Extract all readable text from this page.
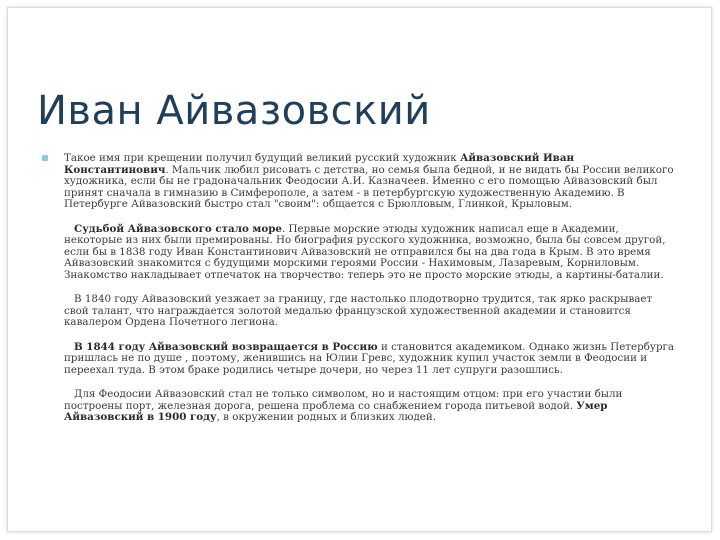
Иван Айвазовский

Такое имя при крещении получил будущий великий русский художник Айвазовский Иван Константинович. Мальчик любил рисовать с детства, но семья была бедной, и не видать бы России великого художника, если бы не градоначальник Феодосии А.И. Казначеев. Именно с его помощью Айвазовский был принят сначала в гимназию в Симферополе, а затем - в петербургскую художественную Академию. В Петербурге Айвазовский быстро стал "своим": общается с Брюлловым, Глинкой, Крыловым.

Судьбой Айвазовского стало море. Первые морские этюды художник написал еще в Академии, некоторые из них были премированы. Но биография русского художника, возможно, была бы совсем другой, если бы в 1838 году Иван Константинович Айвазовский не отправился бы на два года в Крым. В это время Айвазовский знакомится с будущими морскими героями России - Нахимовым, Лазаревым, Корниловым. Знакомство накладывает отпечаток на творчество: теперь это не просто морские этюды, а картины-баталии.

В 1840 году Айвазовский уезжает за границу, где настолько плодотворно трудится, так ярко раскрывает свой талант, что награждается золотой медалью французской художественной академии и становится кавалером Ордена Почетного легиона.

В 1844 году Айвазовский возвращается в Россию и становится академиком. Однако жизнь Петербурга пришлась не по душе , поэтому, женившись на Юлии Гревс, художник купил участок земли в Феодосии и переехал туда. В этом браке родились четыре дочери, но через 11 лет супруги разошлись.

Для Феодосии Айвазовский стал не только символом, но и настоящим отцом: при его участии были построены порт, железная дорога, решена проблема со снабжением города питьевой водой. Умер Айвазовский в 1900 году, в окружении родных и близких людей.
